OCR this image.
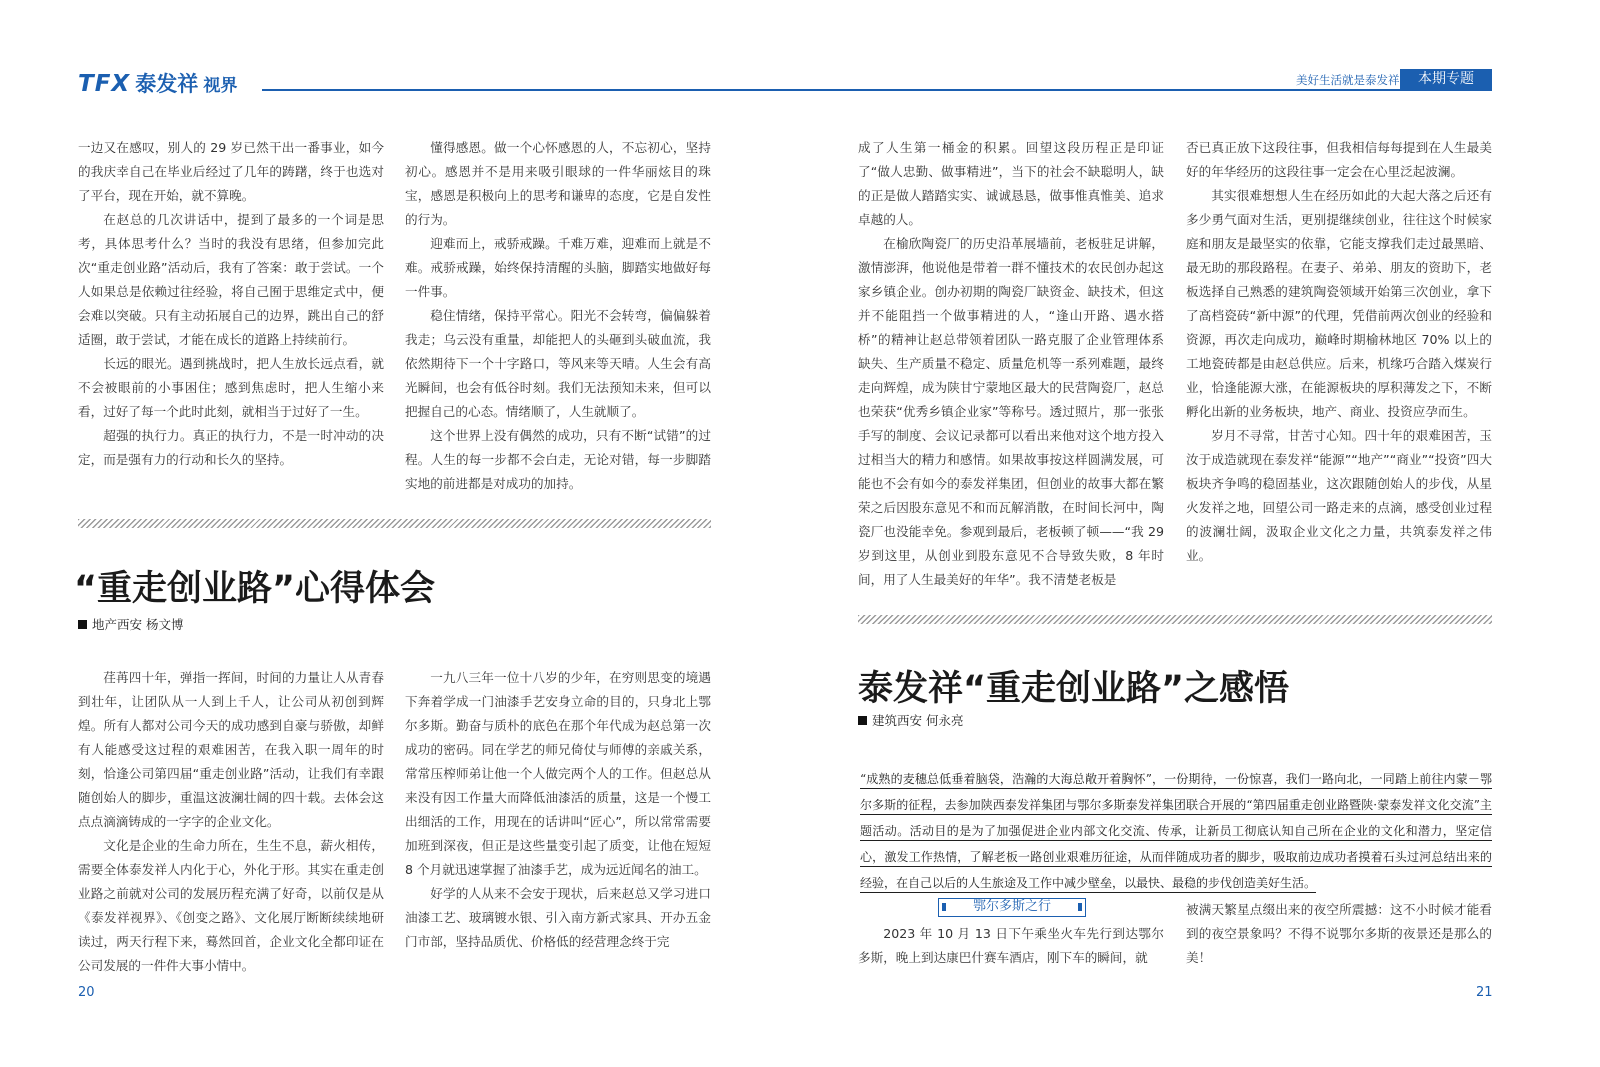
TFX 泰发祥 视界	美好生活就是泰发祥	本期专题

一边又在感叹，别人的 29 岁已然干出一番事业，如今的我庆幸自己在毕业后经过了几年的踌躇，终于也选对了平台，现在开始，就不算晚。

在赵总的几次讲话中，提到了最多的一个词是思考，具体思考什么？当时的我没有思绪，但参加完此次“重走创业路”活动后，我有了答案：敢于尝试。一个人如果总是依赖过往经验，将自己囿于思维定式中，便会难以突破。只有主动拓展自己的边界，跳出自己的舒适圈，敢于尝试，才能在成长的道路上持续前行。

长远的眼光。遇到挑战时，把人生放长远点看，就不会被眼前的小事困住；感到焦虑时，把人生缩小来看，过好了每一个此时此刻，就相当于过好了一生。

超强的执行力。真正的执行力，不是一时冲动的决定，而是强有力的行动和长久的坚持。

懂得感恩。做一个心怀感恩的人，不忘初心，坚持初心。感恩并不是用来吸引眼球的一件华丽炫目的珠宝，感恩是积极向上的思考和谦卑的态度，它是自发性的行为。

迎难而上，戒骄戒躁。千难万难，迎难而上就是不难。戒骄戒躁，始终保持清醒的头脑，脚踏实地做好每一件事。

稳住情绪，保持平常心。阳光不会转弯，偏偏躲着我走；乌云没有重量，却能把人的头砸到头破血流，我依然期待下一个十字路口，等风来等天晴。人生会有高光瞬间，也会有低谷时刻。我们无法预知未来，但可以把握自己的心态。情绪顺了，人生就顺了。

这个世界上没有偶然的成功，只有不断“试错”的过程。人生的每一步都不会白走，无论对错，每一步脚踏实地的前进都是对成功的加持。

“重走创业路”心得体会
地产西安 杨文博

荏苒四十年，弹指一挥间，时间的力量让人从青春到壮年，让团队从一人到上千人，让公司从初创到辉煌。所有人都对公司今天的成功感到自豪与骄傲，却鲜有人能感受这过程的艰难困苦，在我入职一周年的时刻，恰逢公司第四届“重走创业路”活动，让我们有幸跟随创始人的脚步，重温这波澜壮阔的四十载。去体会这点点滴滴铸成的一字字的企业文化。

文化是企业的生命力所在，生生不息，薪火相传，需要全体泰发祥人内化于心，外化于形。其实在重走创业路之前就对公司的发展历程充满了好奇，以前仅是从《泰发祥视界》、《创变之路》、文化展厅断断续续地研读过，两天行程下来，蓦然回首，企业文化全都印证在公司发展的一件件大事小情中。

一九八三年一位十八岁的少年，在穷则思变的境遇下奔着学成一门油漆手艺安身立命的目的，只身北上鄂尔多斯。勤奋与质朴的底色在那个年代成为赵总第一次成功的密码。同在学艺的师兄倚仗与师傅的亲戚关系，常常压榨师弟让他一个人做完两个人的工作。但赵总从来没有因工作量大而降低油漆活的质量，这是一个慢工出细活的工作，用现在的话讲叫“匠心”，所以常常需要加班到深夜，但正是这些量变引起了质变，让他在短短 8 个月就迅速掌握了油漆手艺，成为远近闻名的油工。

好学的人从来不会安于现状，后来赵总又学习进口油漆工艺、玻璃镀水银、引入南方新式家具、开办五金门市部，坚持品质优、价格低的经营理念终于完

20

成了人生第一桶金的积累。回望这段历程正是印证了“做人忠勤、做事精进”，当下的社会不缺聪明人，缺的正是做人踏踏实实、诚诚恳恳，做事惟真惟美、追求卓越的人。

在榆欣陶瓷厂的历史沿革展墙前，老板驻足讲解，激情澎湃，他说他是带着一群不懂技术的农民创办起这家乡镇企业。创办初期的陶瓷厂缺资金、缺技术，但这并不能阻挡一个做事精进的人，“逢山开路、遇水搭桥”的精神让赵总带领着团队一路克服了企业管理体系缺失、生产质量不稳定、质量危机等一系列难题，最终走向辉煌，成为陕甘宁蒙地区最大的民营陶瓷厂，赵总也荣获“优秀乡镇企业家”等称号。透过照片，那一张张手写的制度、会议记录都可以看出来他对这个地方投入过相当大的精力和感情。如果故事按这样圆满发展，可能也不会有如今的泰发祥集团，但创业的故事大都在繁荣之后因股东意见不和而瓦解消散，在时间长河中，陶瓷厂也没能幸免。参观到最后，老板顿了顿——“我 29 岁到这里，从创业到股东意见不合导致失败，8 年时间，用了人生最美好的年华”。我不清楚老板是

否已真正放下这段往事，但我相信每每提到在人生最美好的年华经历的这段往事一定会在心里泛起波澜。

其实很难想想人生在经历如此的大起大落之后还有多少勇气面对生活，更别提继续创业，往往这个时候家庭和朋友是最坚实的依靠，它能支撑我们走过最黑暗、最无助的那段路程。在妻子、弟弟、朋友的资助下，老板选择自己熟悉的建筑陶瓷领域开始第三次创业，拿下了高档瓷砖“新中源”的代理，凭借前两次创业的经验和资源，再次走向成功，巅峰时期榆林地区 70% 以上的工地瓷砖都是由赵总供应。后来，机缘巧合踏入煤炭行业，恰逢能源大涨，在能源板块的厚积薄发之下，不断孵化出新的业务板块，地产、商业、投资应孕而生。

岁月不寻常，甘苦寸心知。四十年的艰难困苦，玉汝于成造就现在泰发祥“能源”“地产”“商业”“投资”四大板块齐争鸣的稳固基业，这次跟随创始人的步伐，从星火发祥之地，回望公司一路走来的点滴，感受创业过程的波澜壮阔，汲取企业文化之力量，共筑泰发祥之伟业。

泰发祥“重走创业路”之感悟
建筑西安 何永亮
“成熟的麦穗总低垂着脑袋，浩瀚的大海总敞开着胸怀”，一份期待，一份惊喜，我们一路向北，一同踏上前往内蒙－鄂尔多斯的征程，去参加陕西泰发祥集团与鄂尔多斯泰发祥集团联合开展的“第四届重走创业路暨陕·蒙泰发祥文化交流”主题活动。活动目的是为了加强促进企业内部文化交流、传承，让新员工彻底认知自己所在企业的文化和潜力，坚定信心，激发工作热情，了解老板一路创业艰难历征途，从而伴随成功者的脚步，吸取前边成功者摸着石头过河总结出来的经验，在自己以后的人生旅途及工作中减少壁垒，以最快、最稳的步伐创造美好生活。
鄂尔多斯之行

2023 年 10 月 13 日下午乘坐火车先行到达鄂尔多斯，晚上到达康巴什赛车酒店，刚下车的瞬间，就

被满天繁星点缀出来的夜空所震撼：这不小时候才能看到的夜空景象吗？不得不说鄂尔多斯的夜景还是那么的美！

21
